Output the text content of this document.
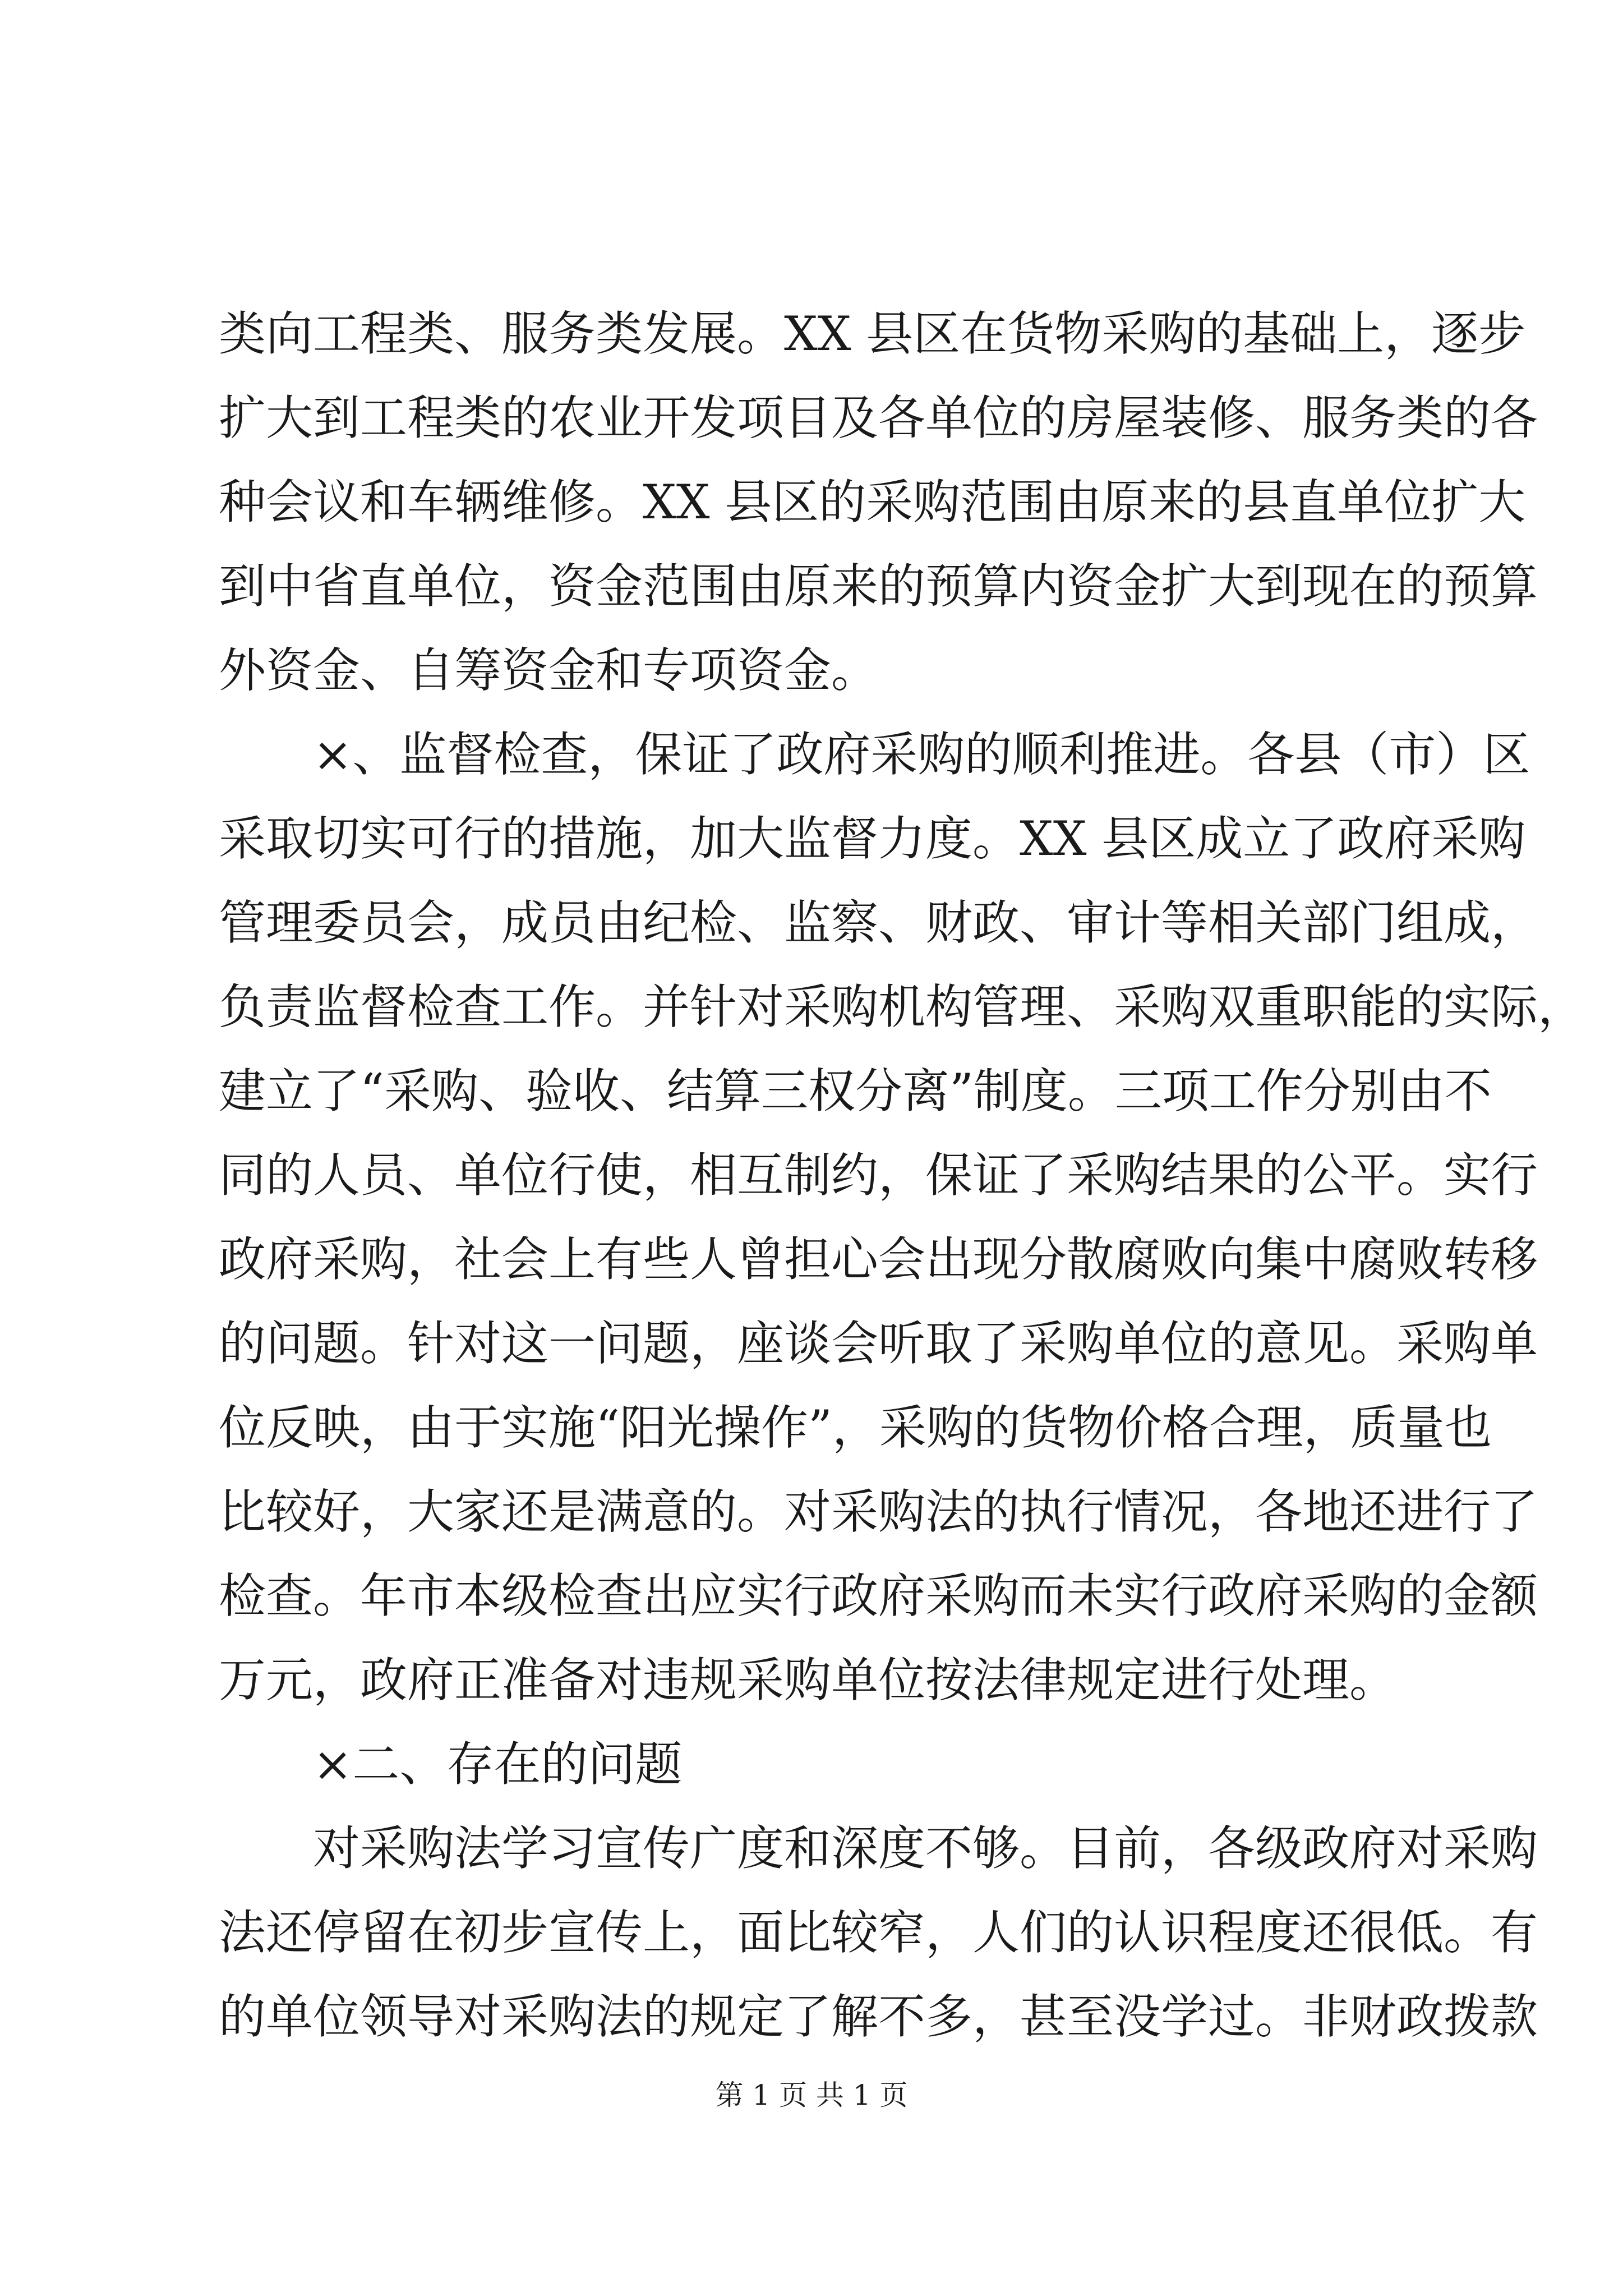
类向工程类、服务类发展。XX 县区在货物采购的基础上，逐步
扩大到工程类的农业开发项目及各单位的房屋装修、服务类的各
种会议和车辆维修。XX 县区的采购范围由原来的县直单位扩大
到中省直单位，资金范围由原来的预算内资金扩大到现在的预算
外资金、自筹资金和专项资金。
×、监督检查，保证了政府采购的顺利推进。各县（市）区
采取切实可行的措施，加大监督力度。XX 县区成立了政府采购
管理委员会，成员由纪检、监察、财政、审计等相关部门组成，
负责监督检查工作。并针对采购机构管理、采购双重职能的实际，
建立了“采购、验收、结算三权分离”制度。三项工作分别由不
同的人员、单位行使，相互制约，保证了采购结果的公平。实行
政府采购，社会上有些人曾担心会出现分散腐败向集中腐败转移
的问题。针对这一问题，座谈会听取了采购单位的意见。采购单
位反映，由于实施“阳光操作”，采购的货物价格合理，质量也
比较好，大家还是满意的。对采购法的执行情况，各地还进行了
检查。年市本级检查出应实行政府采购而未实行政府采购的金额
万元，政府正准备对违规采购单位按法律规定进行处理。
×二、存在的问题
对采购法学习宣传广度和深度不够。目前，各级政府对采购
法还停留在初步宣传上，面比较窄，人们的认识程度还很低。有
的单位领导对采购法的规定了解不多，甚至没学过。非财政拨款
第 1 页 共 1 页
